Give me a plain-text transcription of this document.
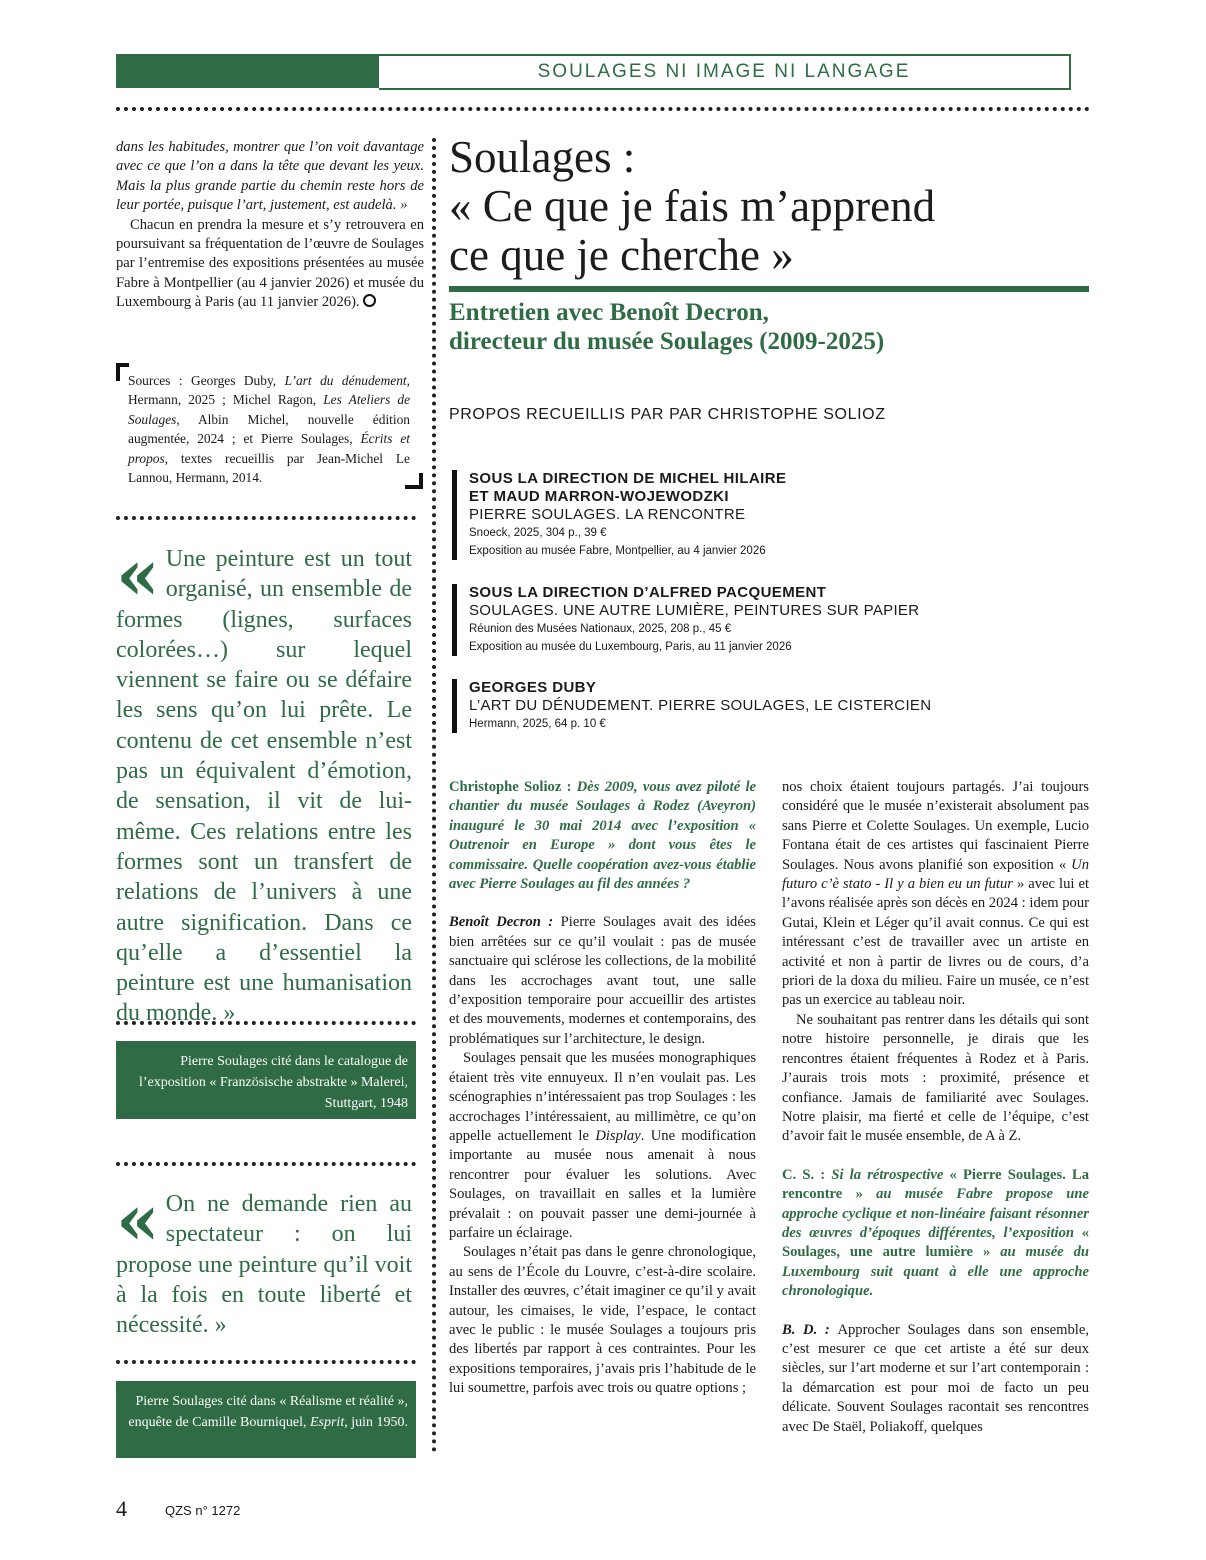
SOULAGES NI IMAGE NI LANGAGE

dans les habitudes, montrer que l’on voit davantage avec ce que l’on a dans la tête que devant les yeux. Mais la plus grande partie du chemin reste hors de leur portée, puisque l’art, justement, est audelà. »

Chacun en prendra la mesure et s’y retrouvera en poursuivant sa fréquentation de l’œuvre de Soulages par l’entremise des expositions présentées au musée Fabre à Montpellier (au 4 janvier 2026) et musée du Luxembourg à Paris (au 11 janvier 2026).

Sources : Georges Duby, L’art du dénudement, Hermann, 2025 ; Michel Ragon, Les Ateliers de Soulages, Albin Michel, nouvelle édition augmentée, 2024 ; et Pierre Soulages, Écrits et propos, textes recueillis par Jean-Michel Le Lannou, Hermann, 2014.
« Une peinture est un tout organisé, un ensemble de formes (lignes, surfaces colorées…) sur lequel viennent se faire ou se défaire les sens qu’on lui prête. Le contenu de cet ensemble n’est pas un équivalent d’émotion, de sensation, il vit de lui-même. Ces relations entre les formes sont un transfert de relations de l’univers à une autre signification. Dans ce qu’elle a d’essentiel la peinture est une humanisation du monde. »
Pierre Soulages cité dans le catalogue de l’exposition « Französische abstrakte » Malerei, Stuttgart, 1948
« On ne demande rien au spectateur : on lui propose une peinture qu’il voit à la fois en toute liberté et nécessité. »
Pierre Soulages cité dans « Réalisme et réalité », enquête de Camille Bourniquel, Esprit, juin 1950.
Soulages :
« Ce que je fais m’apprend
ce que je cherche »
Entretien avec Benoît Decron,
directeur du musée Soulages (2009-2025)
PROPOS RECUEILLIS PAR PAR CHRISTOPHE SOLIOZ
SOUS LA DIRECTION DE MICHEL HILAIRE
ET MAUD MARRON-WOJEWODZKI
PIERRE SOULAGES. LA RENCONTRE
Snoeck, 2025, 304 p., 39 €
Exposition au musée Fabre, Montpellier, au 4 janvier 2026
SOUS LA DIRECTION D’ALFRED PACQUEMENT
SOULAGES. UNE AUTRE LUMIÈRE, PEINTURES SUR PAPIER
Réunion des Musées Nationaux, 2025, 208 p., 45 €
Exposition au musée du Luxembourg, Paris, au 11 janvier 2026
GEORGES DUBY
L’ART DU DÉNUDEMENT. PIERRE SOULAGES, LE CISTERCIEN
Hermann, 2025, 64 p. 10 €

Christophe Solioz : Dès 2009, vous avez piloté le chantier du musée Soulages à Rodez (Aveyron) inauguré le 30 mai 2014 avec l’exposition « Outrenoir en Europe » dont vous êtes le commissaire. Quelle coopération avez-vous établie avec Pierre Soulages au fil des années ?

Benoît Decron : Pierre Soulages avait des idées bien arrêtées sur ce qu’il voulait : pas de musée sanctuaire qui sclérose les collections, de la mobilité dans les accrochages avant tout, une salle d’exposition temporaire pour accueillir des artistes et des mouvements, modernes et contemporains, des problématiques sur l’architecture, le design.

Soulages pensait que les musées monographiques étaient très vite ennuyeux. Il n’en voulait pas. Les scénographies n’intéressaient pas trop Soulages : les accrochages l’intéressaient, au millimètre, ce qu’on appelle actuellement le Display. Une modification importante au musée nous amenait à nous rencontrer pour évaluer les solutions. Avec Soulages, on travaillait en salles et la lumière prévalait : on pouvait passer une demi-journée à parfaire un éclairage.

Soulages n’était pas dans le genre chronologique, au sens de l’École du Louvre, c’est-à-dire scolaire. Installer des œuvres, c’était imaginer ce qu’il y avait autour, les cimaises, le vide, l’espace, le contact avec le public : le musée Soulages a toujours pris des libertés par rapport à ces contraintes. Pour les expositions temporaires, j’avais pris l’habitude de le lui soumettre, parfois avec trois ou quatre options ;

nos choix étaient toujours partagés. J’ai toujours considéré que le musée n’existerait absolument pas sans Pierre et Colette Soulages. Un exemple, Lucio Fontana était de ces artistes qui fascinaient Pierre Soulages. Nous avons planifié son exposition « Un futuro c’è stato - Il y a bien eu un futur » avec lui et l’avons réalisée après son décès en 2024 : idem pour Gutai, Klein et Léger qu’il avait connus. Ce qui est intéressant c’est de travailler avec un artiste en activité et non à partir de livres ou de cours, d’a priori de la doxa du milieu. Faire un musée, ce n’est pas un exercice au tableau noir.

Ne souhaitant pas rentrer dans les détails qui sont notre histoire personnelle, je dirais que les rencontres étaient fréquentes à Rodez et à Paris. J’aurais trois mots : proximité, présence et confiance. Jamais de familiarité avec Soulages. Notre plaisir, ma fierté et celle de l’équipe, c’est d’avoir fait le musée ensemble, de A à Z.

C. S. : Si la rétrospective « Pierre Soulages. La rencontre » au musée Fabre propose une approche cyclique et non-linéaire faisant résonner des œuvres d’époques différentes, l’exposition « Soulages, une autre lumière » au musée du Luxembourg suit quant à elle une approche chronologique.

B. D. : Approcher Soulages dans son ensemble, c’est mesurer ce que cet artiste a été sur deux siècles, sur l’art moderne et sur l’art contemporain : la démarcation est pour moi de facto un peu délicate. Souvent Soulages racontait ses rencontres avec De Staël, Poliakoff, quelques

4	QZS n° 1272
